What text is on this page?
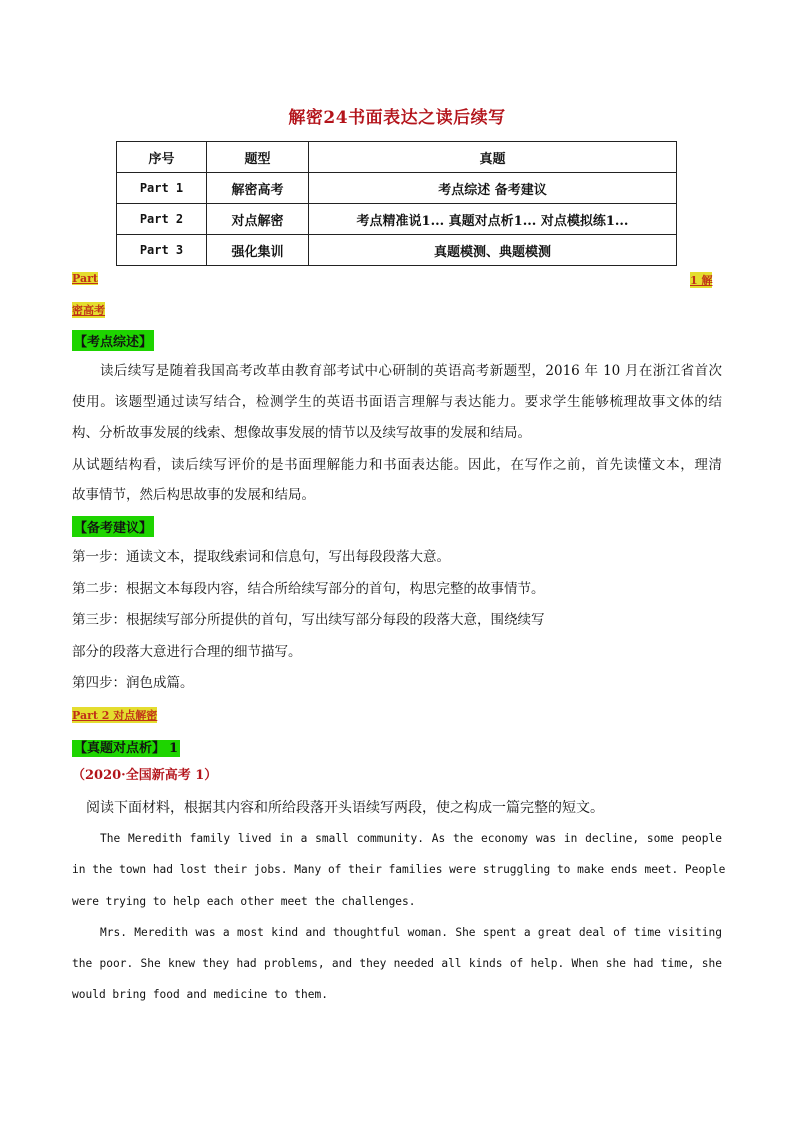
解密24书面表达之读后续写
序号	题型	真题
Part 1	解密高考	考点综述 备考建议
Part 2	对点解密	考点精准说1... 真题对点析1... 对点模拟练1...
Part 3	强化集训	真题模测、典题模测
Part	1 解
密高考
【考点综述】
读后续写是随着我国高考改革由教育部考试中心研制的英语高考新题型，2016 年 10 月在浙江省首次
使用。该题型通过读写结合，检测学生的英语书面语言理解与表达能力。要求学生能够梳理故事文体的结
构、分析故事发展的线索、想像故事发展的情节以及续写故事的发展和结局。
从试题结构看，读后续写评价的是书面理解能力和书面表达能。因此，在写作之前，首先读懂文本，理清
故事情节，然后构思故事的发展和结局。
【备考建议】
第一步：通读文本，提取线索词和信息句，写出每段段落大意。
第二步：根据文本每段内容，结合所给续写部分的首句，构思完整的故事情节。
第三步：根据续写部分所提供的首句，写出续写部分每段的段落大意，围绕续写
部分的段落大意进行合理的细节描写。
第四步：润色成篇。
Part 2 对点解密
【真题对点析】 1
（2020·全国新高考 1）
阅读下面材料，根据其内容和所给段落开头语续写两段，使之构成一篇完整的短文。
The Meredith family lived in a small community. As the economy was in decline, some people
in the town had lost their jobs. Many of their families were struggling to make ends meet. People
were trying to help each other meet the challenges.
Mrs. Meredith was a most kind and thoughtful woman. She spent a great deal of time visiting
the poor. She knew they had problems, and they needed all kinds of help. When she had time, she
would bring food and medicine to them.
